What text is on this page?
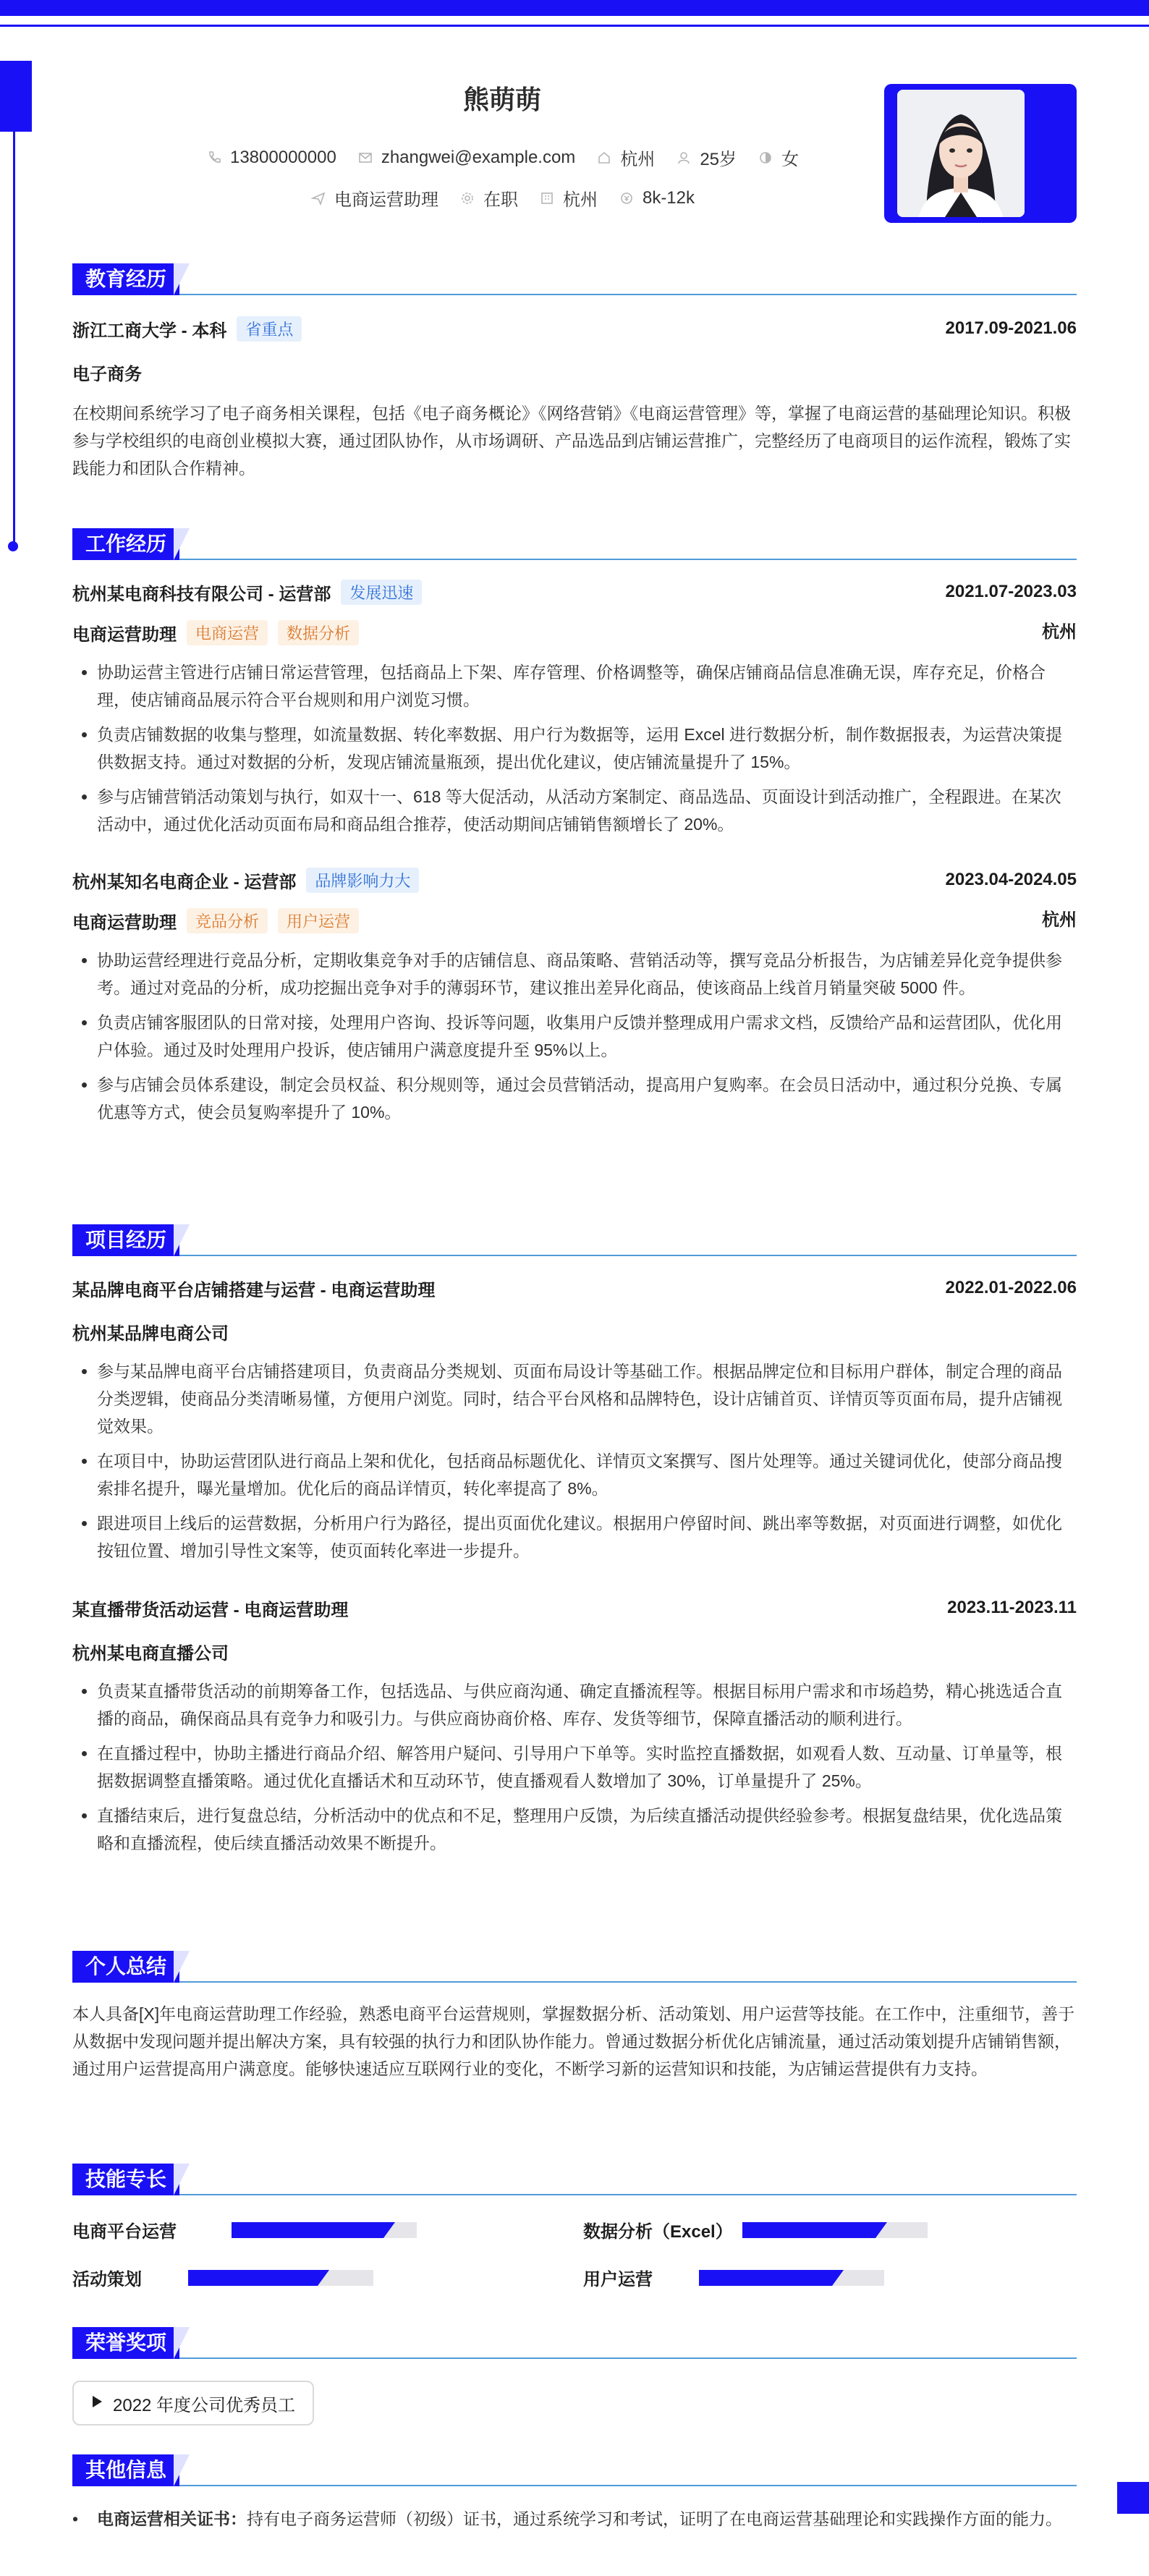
熊萌萌
13800000000	zhangwei@example.com	杭州	25岁	女
电商运营助理	在职	杭州	8k-12k
教育经历
浙江工商大学 - 本科	省重点	2017.09-2021.06
电子商务

在校期间系统学习了电子商务相关课程，包括《电子商务概论》《网络营销》《电商运营管理》等，掌握了电商运营的基础理论知识。积极参与学校组织的电商创业模拟大赛，通过团队协作，从市场调研、产品选品到店铺运营推广，完整经历了电商项目的运作流程，锻炼了实践能力和团队合作精神。

工作经历
杭州某电商科技有限公司 - 运营部	发展迅速	2021.07-2023.03
电商运营助理	电商运营	数据分析	杭州
• 协助运营主管进行店铺日常运营管理，包括商品上下架、库存管理、价格调整等，确保店铺商品信息准确无误，库存充足，价格合理，使店铺商品展示符合平台规则和用户浏览习惯。
• 负责店铺数据的收集与整理，如流量数据、转化率数据、用户行为数据等，运用 Excel 进行数据分析，制作数据报表，为运营决策提供数据支持。通过对数据的分析，发现店铺流量瓶颈，提出优化建议，使店铺流量提升了 15%。
• 参与店铺营销活动策划与执行，如双十一、618 等大促活动，从活动方案制定、商品选品、页面设计到活动推广，全程跟进。在某次活动中，通过优化活动页面布局和商品组合推荐，使活动期间店铺销售额增长了 20%。
杭州某知名电商企业 - 运营部	品牌影响力大	2023.04-2024.05
电商运营助理	竞品分析	用户运营	杭州
• 协助运营经理进行竞品分析，定期收集竞争对手的店铺信息、商品策略、营销活动等，撰写竞品分析报告，为店铺差异化竞争提供参考。通过对竞品的分析，成功挖掘出竞争对手的薄弱环节，建议推出差异化商品，使该商品上线首月销量突破 5000 件。
• 负责店铺客服团队的日常对接，处理用户咨询、投诉等问题，收集用户反馈并整理成用户需求文档，反馈给产品和运营团队，优化用户体验。通过及时处理用户投诉，使店铺用户满意度提升至 95%以上。
• 参与店铺会员体系建设，制定会员权益、积分规则等，通过会员营销活动，提高用户复购率。在会员日活动中，通过积分兑换、专属优惠等方式，使会员复购率提升了 10%。
项目经历
某品牌电商平台店铺搭建与运营 - 电商运营助理	2022.01-2022.06
杭州某品牌电商公司
• 参与某品牌电商平台店铺搭建项目，负责商品分类规划、页面布局设计等基础工作。根据品牌定位和目标用户群体，制定合理的商品分类逻辑，使商品分类清晰易懂，方便用户浏览。同时，结合平台风格和品牌特色，设计店铺首页、详情页等页面布局，提升店铺视觉效果。
• 在项目中，协助运营团队进行商品上架和优化，包括商品标题优化、详情页文案撰写、图片处理等。通过关键词优化，使部分商品搜索排名提升，曝光量增加。优化后的商品详情页，转化率提高了 8%。
• 跟进项目上线后的运营数据，分析用户行为路径，提出页面优化建议。根据用户停留时间、跳出率等数据，对页面进行调整，如优化按钮位置、增加引导性文案等，使页面转化率进一步提升。
某直播带货活动运营 - 电商运营助理	2023.11-2023.11
杭州某电商直播公司
• 负责某直播带货活动的前期筹备工作，包括选品、与供应商沟通、确定直播流程等。根据目标用户需求和市场趋势，精心挑选适合直播的商品，确保商品具有竞争力和吸引力。与供应商协商价格、库存、发货等细节，保障直播活动的顺利进行。
• 在直播过程中，协助主播进行商品介绍、解答用户疑问、引导用户下单等。实时监控直播数据，如观看人数、互动量、订单量等，根据数据调整直播策略。通过优化直播话术和互动环节，使直播观看人数增加了 30%，订单量提升了 25%。
• 直播结束后，进行复盘总结，分析活动中的优点和不足，整理用户反馈，为后续直播活动提供经验参考。根据复盘结果，优化选品策略和直播流程，使后续直播活动效果不断提升。
个人总结

本人具备[X]年电商运营助理工作经验，熟悉电商平台运营规则，掌握数据分析、活动策划、用户运营等技能。在工作中，注重细节，善于从数据中发现问题并提出解决方案，具有较强的执行力和团队协作能力。曾通过数据分析优化店铺流量，通过活动策划提升店铺销售额，通过用户运营提高用户满意度。能够快速适应互联网行业的变化，不断学习新的运营知识和技能，为店铺运营提供有力支持。

技能专长
电商平台运营	数据分析（Excel）
活动策划	用户运营
荣誉奖项
2022 年度公司优秀员工
其他信息
•	电商运营相关证书：持有电子商务运营师（初级）证书，通过系统学习和考试，证明了在电商运营基础理论和实践操作方面的能力。
